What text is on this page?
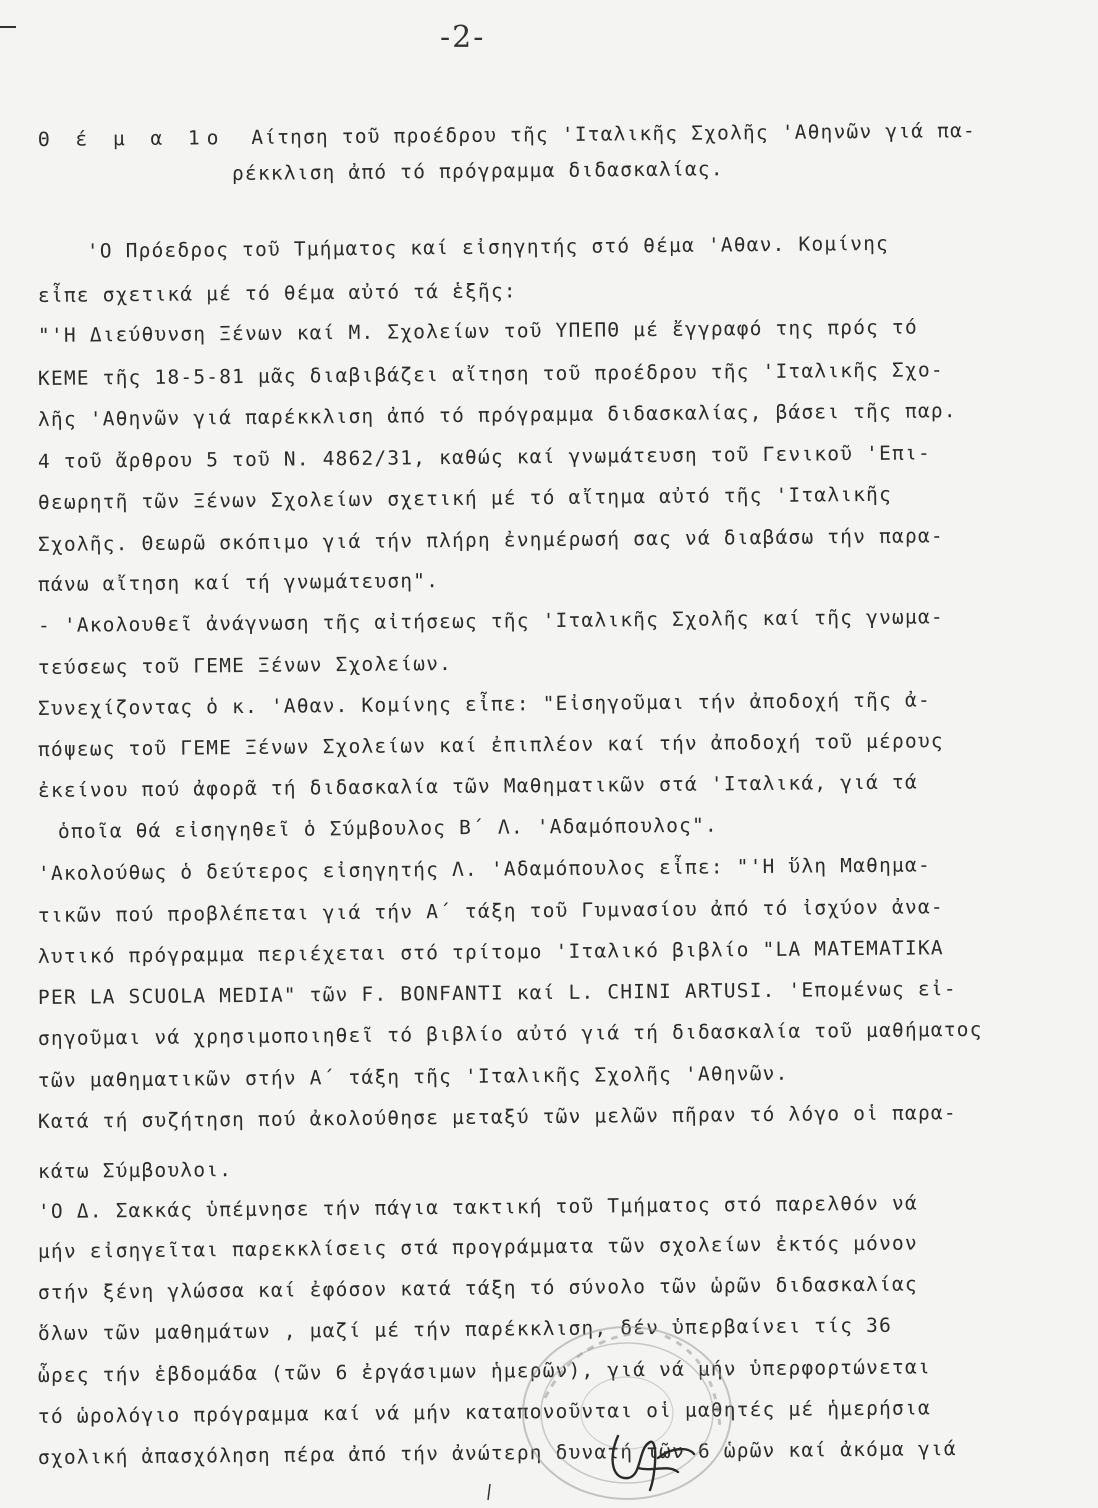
-2-
Θ έ μ α 1ο Αίτηση τοῦ προέδρου τῆς 'Ιταλικῆς Σχολῆς 'Αθηνῶν γιά πα-
ρέκκλιση ἀπό τό πρόγραμμα διδασκαλίας.
'Ο Πρόεδρος τοῦ Τμήματος καί εἰσηγητής στό θέμα 'Αθαν. Κομίνης
εἶπε σχετικά μέ τό θέμα αὐτό τά ἑξῆς:
"'Η Διεύθυνση Ξένων καί Μ. Σχολείων τοῦ ΥΠΕΠΘ μέ ἔγγραφό της πρός τό
ΚΕΜΕ τῆς 18-5-81 μᾶς διαβιβάζει αἴτηση τοῦ προέδρου τῆς 'Ιταλικῆς Σχο-
λῆς 'Αθηνῶν γιά παρέκκλιση ἀπό τό πρόγραμμα διδασκαλίας, βάσει τῆς παρ.
4 τοῦ ἄρθρου 5 τοῦ Ν. 4862/31, καθώς καί γνωμάτευση τοῦ Γενικοῦ 'Επι-
θεωρητῆ τῶν Ξένων Σχολείων σχετική μέ τό αἴτημα αὐτό τῆς 'Ιταλικῆς
Σχολῆς. Θεωρῶ σκόπιμο γιά τήν πλήρη ἐνημέρωσή σας νά διαβάσω τήν παρα-
πάνω αἴτηση καί τή γνωμάτευση".
- 'Ακολουθεῖ ἀνάγνωση τῆς αἰτήσεως τῆς 'Ιταλικῆς Σχολῆς καί τῆς γνωμα-
τεύσεως τοῦ ΓΕΜΕ Ξένων Σχολείων.
Συνεχίζοντας ὁ κ. 'Αθαν. Κομίνης εἶπε: "Εἰσηγοῦμαι τήν ἀποδοχή τῆς ἀ-
πόψεως τοῦ ΓΕΜΕ Ξένων Σχολείων καί ἐπιπλέον καί τήν ἀποδοχή τοῦ μέρους
ἐκείνου πού ἀφορᾶ τή διδασκαλία τῶν Μαθηματικῶν στά 'Ιταλικά, γιά τά
ὁποῖα θά εἰσηγηθεῖ ὁ Σύμβουλος Β΄ Λ. 'Αδαμόπουλος".
'Ακολούθως ὁ δεύτερος εἰσηγητής Λ. 'Αδαμόπουλος εἶπε: "'Η ὕλη Μαθημα-
τικῶν πού προβλέπεται γιά τήν Α΄ τάξη τοῦ Γυμνασίου ἀπό τό ἰσχύον ἀνα-
λυτικό πρόγραμμα περιέχεται στό τρίτομο 'Ιταλικό βιβλίο "LA MATEMATIKA
PER LA SCUOLA MEDIA" τῶν F. BONFANTI καί L. CHINI ARTUSI. 'Επομένως εἰ-
σηγοῦμαι νά χρησιμοποιηθεῖ τό βιβλίο αὐτό γιά τή διδασκαλία τοῦ μαθήματος
τῶν μαθηματικῶν στήν Α΄ τάξη τῆς 'Ιταλικῆς Σχολῆς 'Αθηνῶν.
Κατά τή συζήτηση πού ἀκολούθησε μεταξύ τῶν μελῶν πῆραν τό λόγο οἱ παρα-
κάτω Σύμβουλοι.
'Ο Δ. Σακκάς ὑπέμνησε τήν πάγια τακτική τοῦ Τμήματος στό παρελθόν νά
μήν εἰσηγεῖται παρεκκλίσεις στά προγράμματα τῶν σχολείων ἐκτός μόνον
στήν ξένη γλώσσα καί ἐφόσον κατά τάξη τό σύνολο τῶν ὡρῶν διδασκαλίας
ὅλων τῶν μαθημάτων , μαζί μέ τήν παρέκκλιση, δέν ὑπερβαίνει τίς 36
ὧρες τήν ἑβδομάδα (τῶν 6 ἐργάσιμων ἡμερῶν), γιά νά μήν ὑπερφορτώνεται
τό ὡρολόγιο πρόγραμμα καί νά μήν καταπονοῦνται οἱ μαθητές μέ ἡμερήσια
σχολική ἀπασχόληση πέρα ἀπό τήν ἀνώτερη δυνατή τῶν 6 ὡρῶν καί ἀκόμα γιά
